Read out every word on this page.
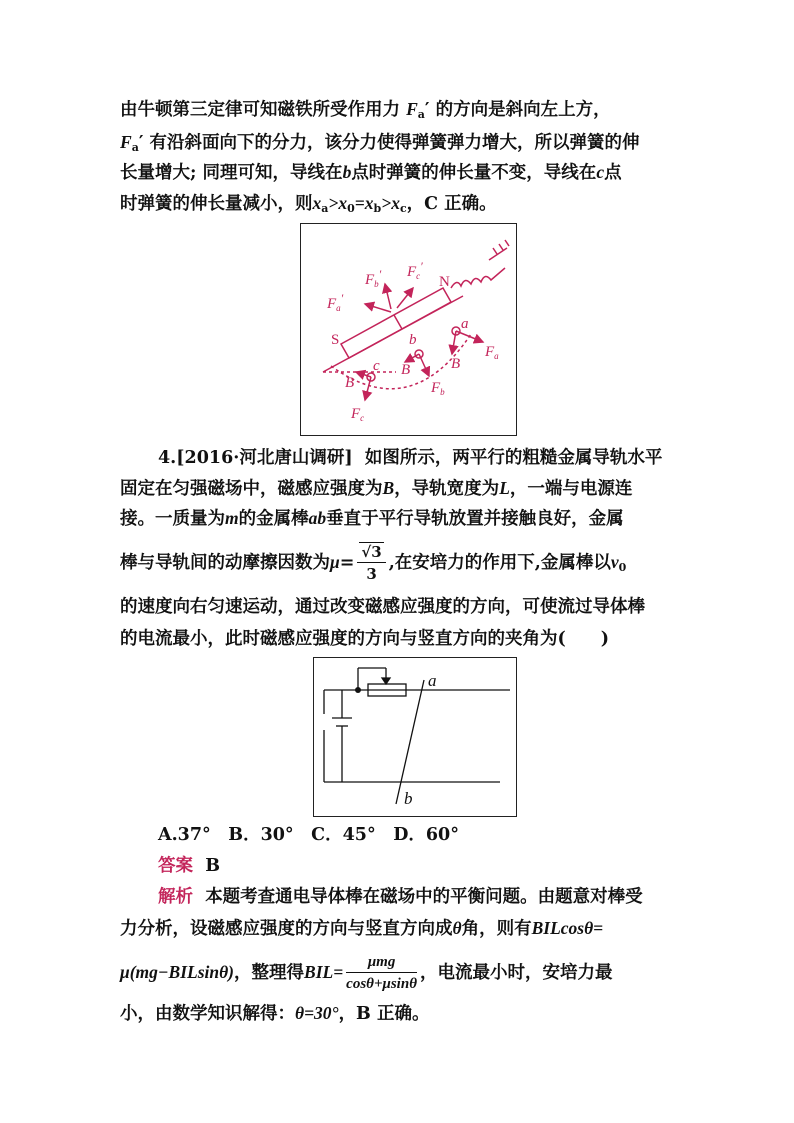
由牛顿第三定律可知磁铁所受作用力 $F_a'$ 的方向是斜向左上方，
$F_a'$ 有沿斜面向下的分力，该分力使得弹簧弹力增大，所以弹簧的伸
长量增大; 同理可知，导线在b点时弹簧的伸长量不变，导线在c点
时弹簧的伸长量减小，则$x_a>x_0=x_b>x_c$，C 正确。
$F_b'$ $F_c'$
N
$F_a'$
S
a
b
c
$F_a$
B
B	B
$F_b$
$F_c$
4.[2016·河北唐山调研] 如图所示，两平行的粗糙金属导轨水平
固定在匀强磁场中，磁感应强度为B，导轨宽度为L，一端与电源连
接。一质量为m的金属棒ab垂直于平行导轨放置并接触良好，金属
棒与导轨间的动摩擦因数为$\mu= \frac{√3}{3}$ ,在安培力的作用下,金属棒以$v_0$
的速度向右匀速运动，通过改变磁感应强度的方向，可使流过导体棒
的电流最小，此时磁感应强度的方向与竖直方向的夹角为(　　)
a
b
A.37°　B．30°　C．45°　D．60°
答案 B
解析 本题考查通电导体棒在磁场中的平衡问题。由题意对棒受
力分析，设磁感应强度的方向与竖直方向成θ角，则有BILcosθ=
μ(mg−BILsinθ)，整理得$BIL= \frac{\text{μmg}}{\cos\theta+\mu\sin\theta}$ ，电流最小时，安培力最
小，由数学知识解得：θ=30°，B 正确。
